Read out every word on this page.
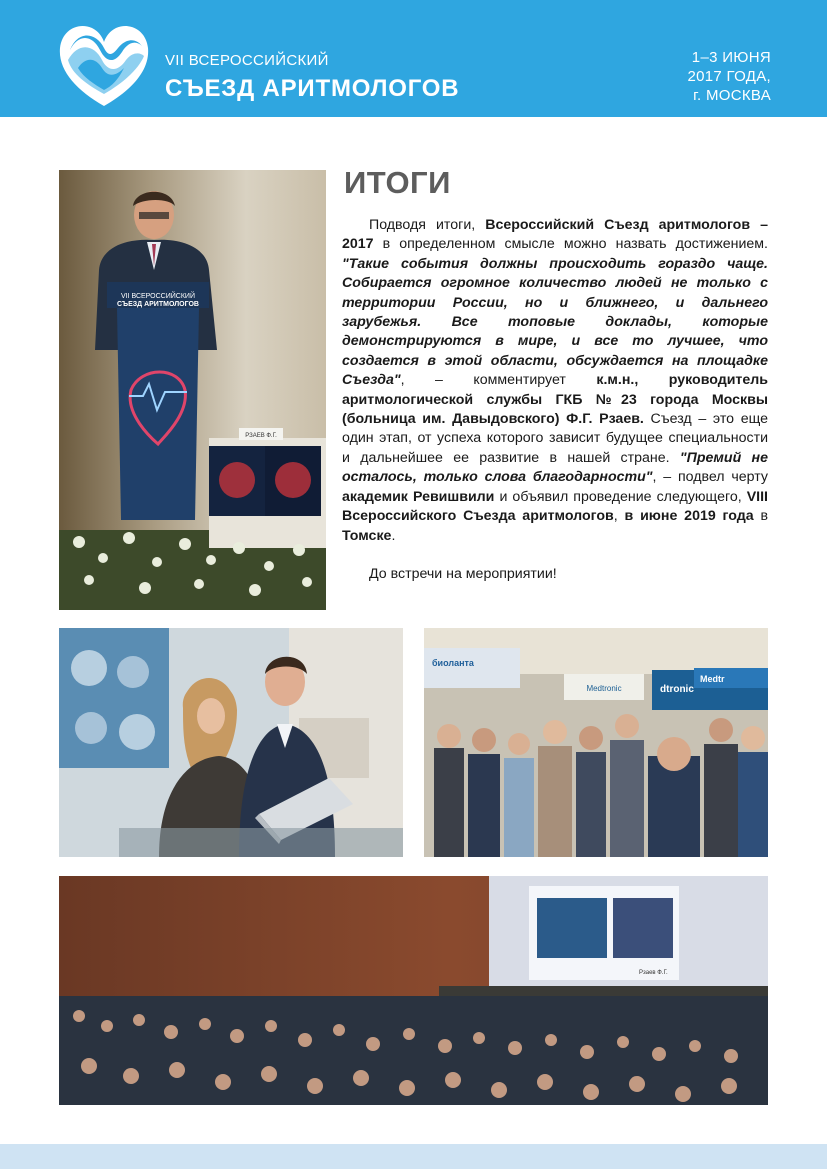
VII ВСЕРОССИЙСКИЙ
СЪЕЗД АРИТМОЛОГОВ
1–3 ИЮНЯ
2017 ГОДА,
г. МОСКВА
VII ВСЕРОССИЙСКИЙ
СЪЕЗД АРИТМОЛОГОВ
РЗАЕВ Ф.Г.
ИТОГИ

Подводя итоги, Всероссийский Съезд аритмологов – 2017 в определенном смысле можно назвать достижением. "Такие события должны происходить гораздо чаще. Собирается огромное количество людей не только с территории России, но и ближнего, и дальнего зарубежья. Все топовые доклады, которые демонстрируются в мире, и все то лучшее, что создается в этой области, обсуждается на площадке Съезда", – комментирует к.м.н., руководитель аритмологической службы ГКБ №23 города Москвы (больница им. Давыдовского) Ф.Г. Рзаев. Съезд – это еще один этап, от успеха которого зависит будущее специальности и дальнейшее ее развитие в нашей стране. "Премий не осталось, только слова благодарности", – подвел черту академик Ревишвили и объявил проведение следующего, VIII Всероссийского Съезда аритмологов, в июне 2019 года в Томске.

До встречи на мероприятии!

биоланта
dtronic
Medtr
Medtronic
Рзаев Ф.Г.
